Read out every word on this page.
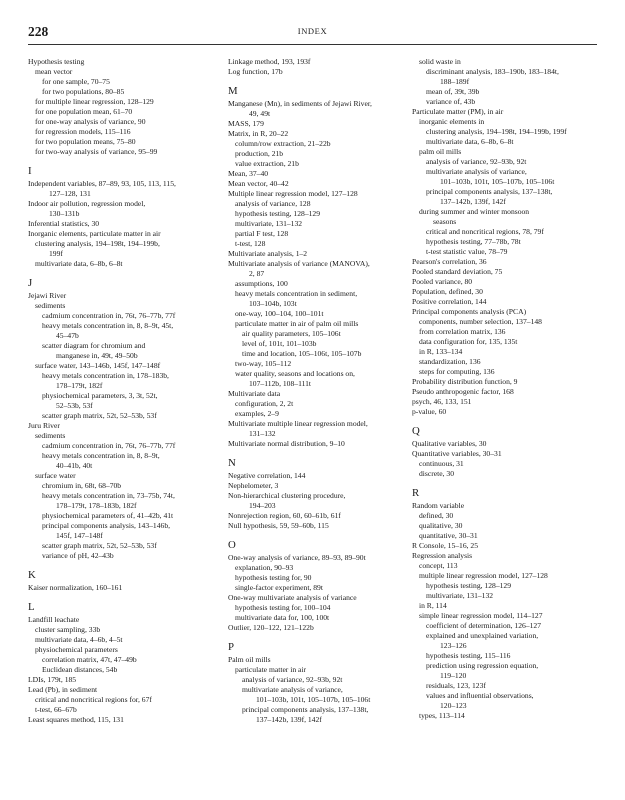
228	INDEX
Hypothesis testing
mean vector
for one sample, 70–75
for two populations, 80–85
for multiple linear regression, 128–129
for one population mean, 61–70
for one-way analysis of variance, 90
for regression models, 115–116
for two population means, 75–80
for two-way analysis of variance, 95–99
I
Independent variables, 87–89, 93, 105, 113, 115,
127–128, 131
Indoor air pollution, regression model,
130–131b
Inferential statistics, 30
Inorganic elements, particulate matter in air
clustering analysis, 194–198t, 194–199b,
199f
multivariate data, 6–8b, 6–8t
J
Jejawi River
sediments
cadmium concentration in, 76t, 76–77b, 77f
heavy metals concentration in, 8, 8–9t, 45t,
45–47b
scatter diagram for chromium and
manganese in, 49t, 49–50b
surface water, 143–146b, 145f, 147–148f
heavy metals concentration in, 178–183b,
178–179t, 182f
physiochemical parameters, 3, 3t, 52t,
52–53b, 53f
scatter graph matrix, 52t, 52–53b, 53f
Juru River
sediments
cadmium concentration in, 76t, 76–77b, 77f
heavy metals concentration in, 8, 8–9t,
40–41b, 40t
surface water
chromium in, 68t, 68–70b
heavy metals concentration in, 73–75b, 74t,
178–179t, 178–183b, 182f
physiochemical parameters of, 41–42b, 41t
principal components analysis, 143–146b,
145f, 147–148f
scatter graph matrix, 52t, 52–53b, 53f
variance of pH, 42–43b
K
Kaiser normalization, 160–161
L
Landfill leachate
cluster sampling, 33b
multivariate data, 4–6b, 4–5t
physiochemical parameters
correlation matrix, 47t, 47–49b
Euclidean distances, 54b
LDIs, 179t, 185
Lead (Pb), in sediment
critical and noncritical regions for, 67f
t-test, 66–67b
Least squares method, 115, 131
Linkage method, 193, 193f
Log function, 17b
M
Manganese (Mn), in sediments of Jejawi River,
49, 49t
MASS, 179
Matrix, in R, 20–22
column/row extraction, 21–22b
production, 21b
value extraction, 21b
Mean, 37–40
Mean vector, 40–42
Multiple linear regression model, 127–128
analysis of variance, 128
hypothesis testing, 128–129
multivariate, 131–132
partial F test, 128
t-test, 128
Multivariate analysis, 1–2
Multivariate analysis of variance (MANOVA),
2, 87
assumptions, 100
heavy metals concentration in sediment,
103–104b, 103t
one-way, 100–104, 100–101t
particulate matter in air of palm oil mills
air quality parameters, 105–106t
level of, 101t, 101–103b
time and location, 105–106t, 105–107b
two-way, 105–112
water quality, seasons and locations on,
107–112b, 108–111t
Multivariate data
configuration, 2, 2t
examples, 2–9
Multivariate multiple linear regression model,
131–132
Multivariate normal distribution, 9–10
N
Negative correlation, 144
Nephelometer, 3
Non-hierarchical clustering procedure,
194–203
Nonrejection region, 60, 60–61b, 61f
Null hypothesis, 59, 59–60b, 115
O
One-way analysis of variance, 89–93, 89–90t
explanation, 90–93
hypothesis testing for, 90
single-factor experiment, 89t
One-way multivariate analysis of variance
hypothesis testing for, 100–104
multivariate data for, 100, 100t
Outlier, 120–122, 121–122b
P
Palm oil mills
particulate matter in air
analysis of variance, 92–93b, 92t
multivariate analysis of variance,
101–103b, 101t, 105–107b, 105–106t
principal components analysis, 137–138t,
137–142b, 139f, 142f
solid waste in
discriminant analysis, 183–190b, 183–184t,
188–189f
mean of, 39t, 39b
variance of, 43b
Particulate matter (PM), in air
inorganic elements in
clustering analysis, 194–198t, 194–199b, 199f
multivariate data, 6–8b, 6–8t
palm oil mills
analysis of variance, 92–93b, 92t
multivariate analysis of variance,
101–103b, 101t, 105–107b, 105–106t
principal components analysis, 137–138t,
137–142b, 139f, 142f
during summer and winter monsoon
seasons
critical and noncritical regions, 78, 79f
hypothesis testing, 77–78b, 78t
t-test statistic value, 78–79
Pearson's correlation, 36
Pooled standard deviation, 75
Pooled variance, 80
Population, defined, 30
Positive correlation, 144
Principal components analysis (PCA)
components, number selection, 137–148
from correlation matrix, 136
data configuration for, 135, 135t
in R, 133–134
standardization, 136
steps for computing, 136
Probability distribution function, 9
Pseudo anthropogenic factor, 168
psych, 46, 133, 151
p-value, 60
Q
Qualitative variables, 30
Quantitative variables, 30–31
continuous, 31
discrete, 30
R
Random variable
defined, 30
qualitative, 30
quantitative, 30–31
R Console, 15–16, 25
Regression analysis
concept, 113
multiple linear regression model, 127–128
hypothesis testing, 128–129
multivariate, 131–132
in R, 114
simple linear regression model, 114–127
coefficient of determination, 126–127
explained and unexplained variation,
123–126
hypothesis testing, 115–116
prediction using regression equation,
119–120
residuals, 123, 123f
values and influential observations,
120–123
types, 113–114
